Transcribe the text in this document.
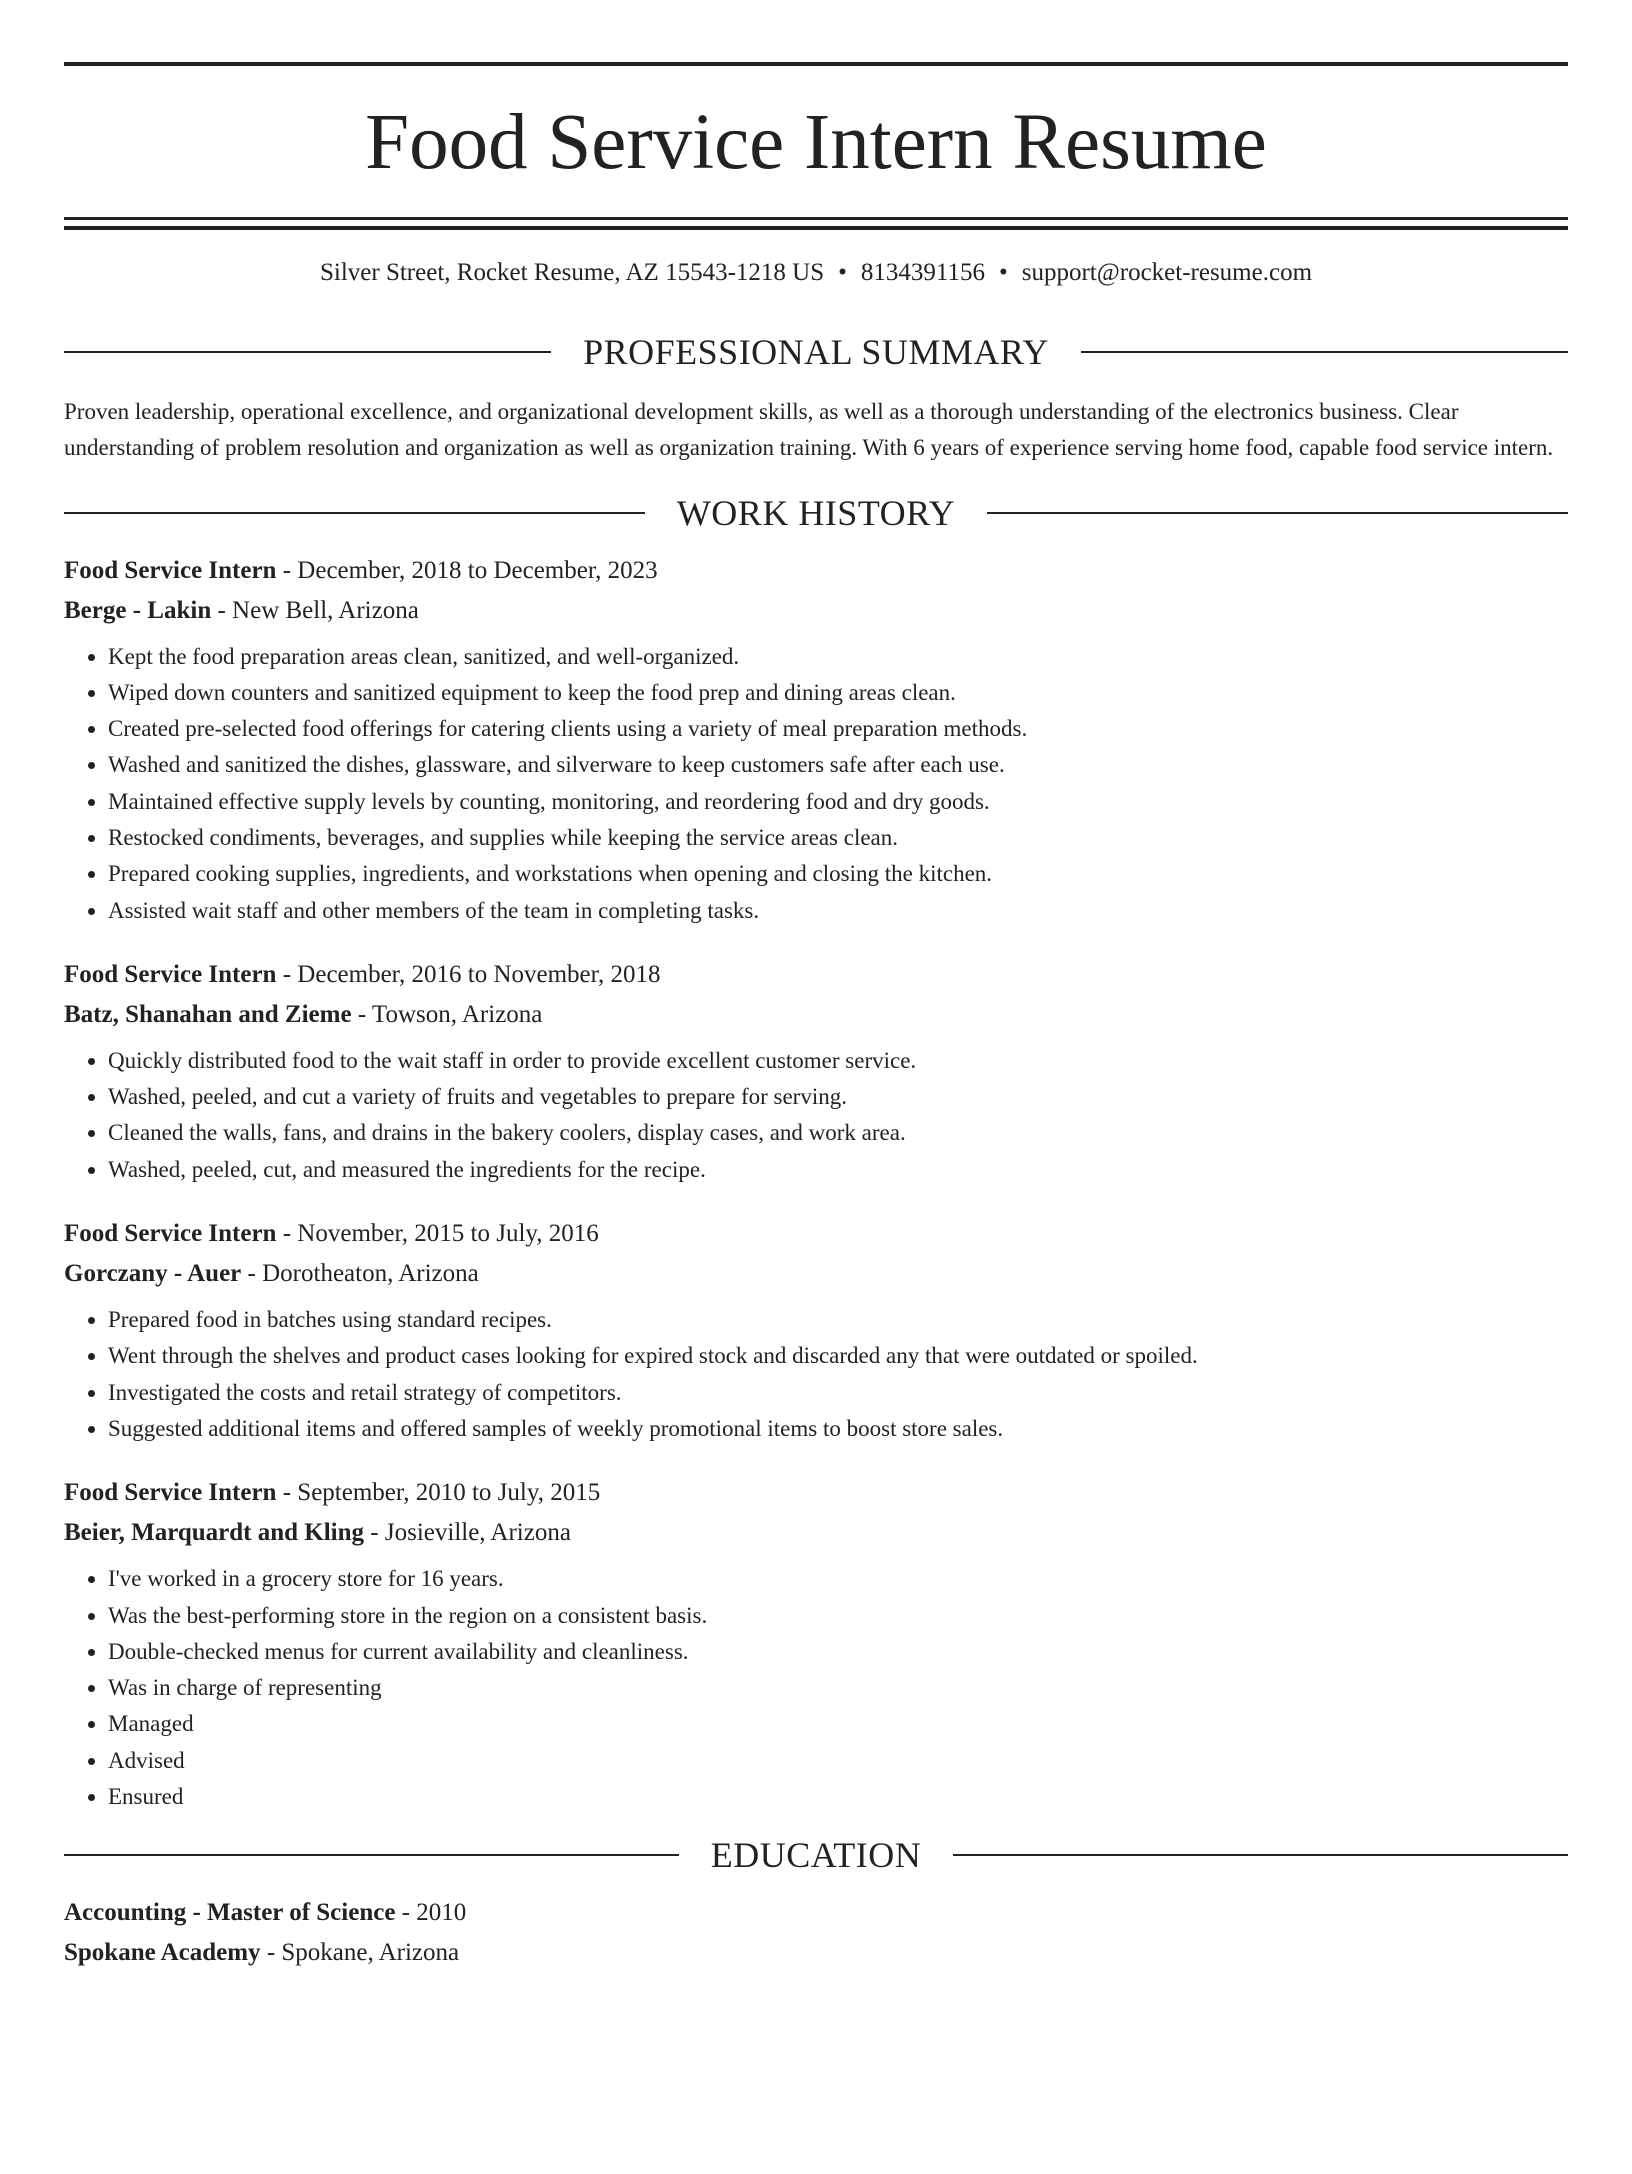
Food Service Intern Resume
Silver Street, Rocket Resume, AZ 15543-1218 US • 8134391156 • support@rocket-resume.com
PROFESSIONAL SUMMARY

Proven leadership, operational excellence, and organizational development skills, as well as a thorough understanding of the electronics business. Clear understanding of problem resolution and organization as well as organization training. With 6 years of experience serving home food, capable food service intern.

WORK HISTORY
Food Service Intern - December, 2018 to December, 2023
Berge - Lakin - New Bell, Arizona
• Kept the food preparation areas clean, sanitized, and well-organized.
• Wiped down counters and sanitized equipment to keep the food prep and dining areas clean.
• Created pre-selected food offerings for catering clients using a variety of meal preparation methods.
• Washed and sanitized the dishes, glassware, and silverware to keep customers safe after each use.
• Maintained effective supply levels by counting, monitoring, and reordering food and dry goods.
• Restocked condiments, beverages, and supplies while keeping the service areas clean.
• Prepared cooking supplies, ingredients, and workstations when opening and closing the kitchen.
• Assisted wait staff and other members of the team in completing tasks.
Food Service Intern - December, 2016 to November, 2018
Batz, Shanahan and Zieme - Towson, Arizona
• Quickly distributed food to the wait staff in order to provide excellent customer service.
• Washed, peeled, and cut a variety of fruits and vegetables to prepare for serving.
• Cleaned the walls, fans, and drains in the bakery coolers, display cases, and work area.
• Washed, peeled, cut, and measured the ingredients for the recipe.
Food Service Intern - November, 2015 to July, 2016
Gorczany - Auer - Dorotheaton, Arizona
• Prepared food in batches using standard recipes.
• Went through the shelves and product cases looking for expired stock and discarded any that were outdated or spoiled.
• Investigated the costs and retail strategy of competitors.
• Suggested additional items and offered samples of weekly promotional items to boost store sales.
Food Service Intern - September, 2010 to July, 2015
Beier, Marquardt and Kling - Josieville, Arizona
• I've worked in a grocery store for 16 years.
• Was the best-performing store in the region on a consistent basis.
• Double-checked menus for current availability and cleanliness.
• Was in charge of representing
• Managed
• Advised
• Ensured
EDUCATION
Accounting - Master of Science - 2010
Spokane Academy - Spokane, Arizona
